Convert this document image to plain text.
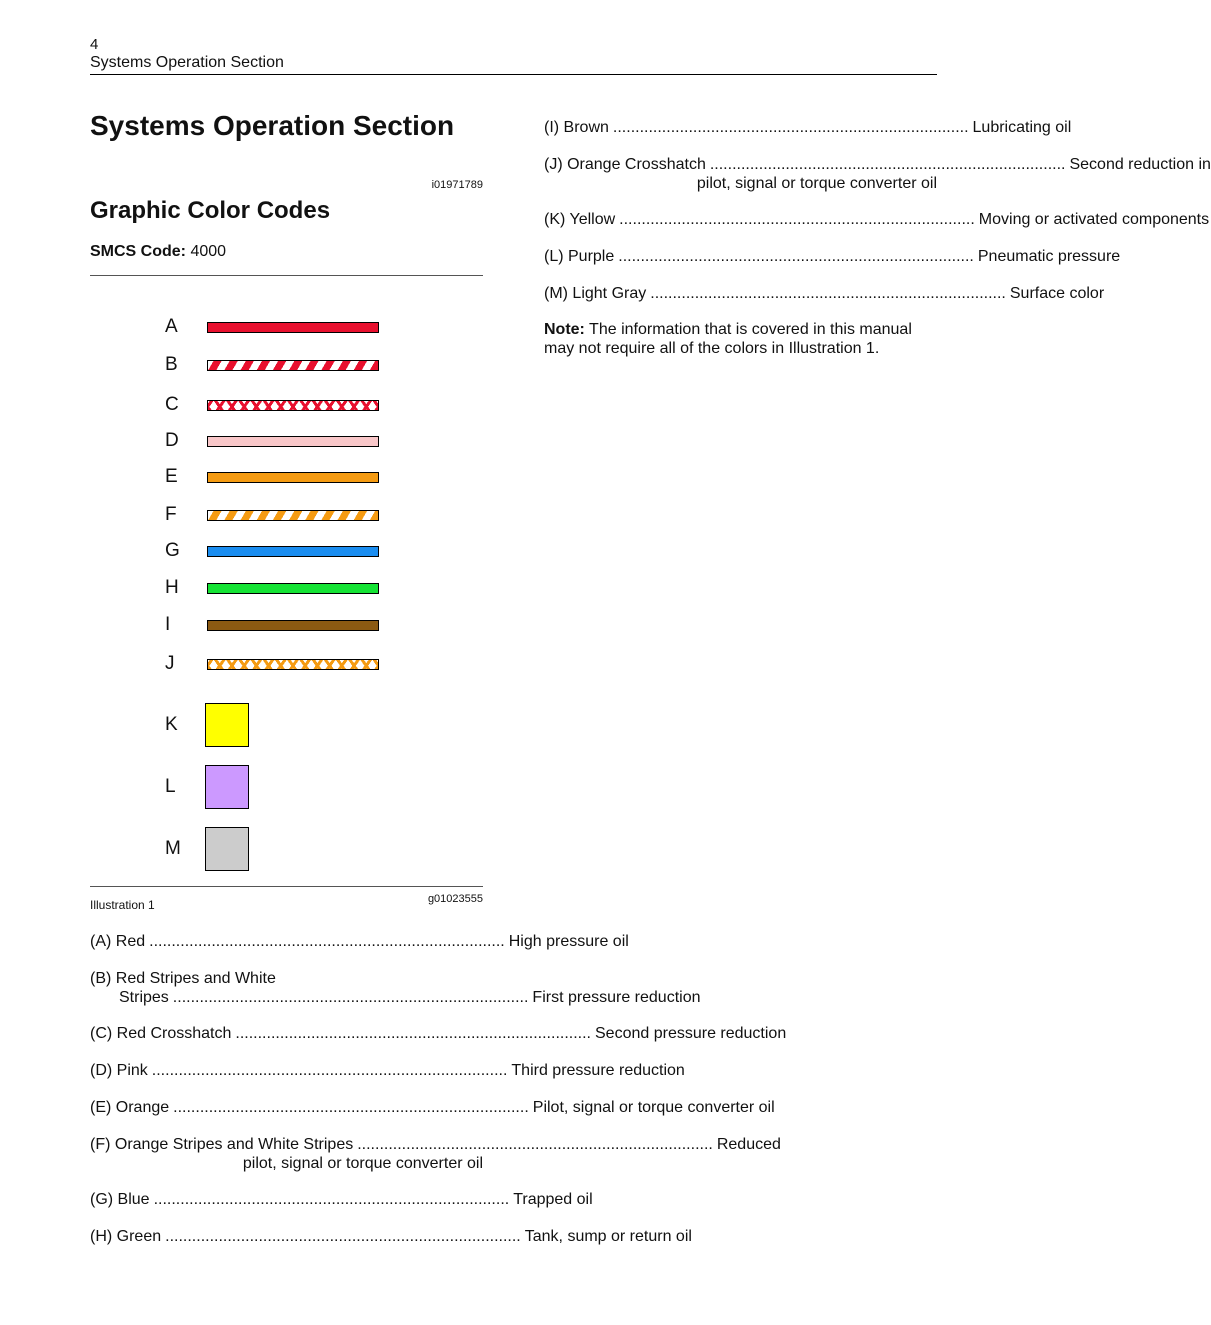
4
Systems Operation Section
Systems Operation Section
i01971789
Graphic Color Codes
SMCS Code: 4000
A
B
C
D
E
F
G
H
I
J
K
L
M
Illustration 1	g01023555
(A) Red ................................................................................ High pressure oil
(B) Red Stripes and White
Stripes ................................................................................ First pressure reduction
(C) Red Crosshatch ................................................................................ Second pressure reduction
(D) Pink ................................................................................ Third pressure reduction
(E) Orange ................................................................................ Pilot, signal or torque converter oil
(F) Orange Stripes and White Stripes ................................................................................ Reduced
pilot, signal or torque converter oil
(G) Blue ................................................................................ Trapped oil
(H) Green ................................................................................ Tank, sump or return oil
(I) Brown ................................................................................ Lubricating oil
(J) Orange Crosshatch ................................................................................ Second reduction in
pilot, signal or torque converter oil
(K) Yellow ................................................................................ Moving or activated components
(L) Purple ................................................................................ Pneumatic pressure
(M) Light Gray ................................................................................ Surface color
Note: The information that is covered in this manual may not require all of the colors in Illustration 1.
